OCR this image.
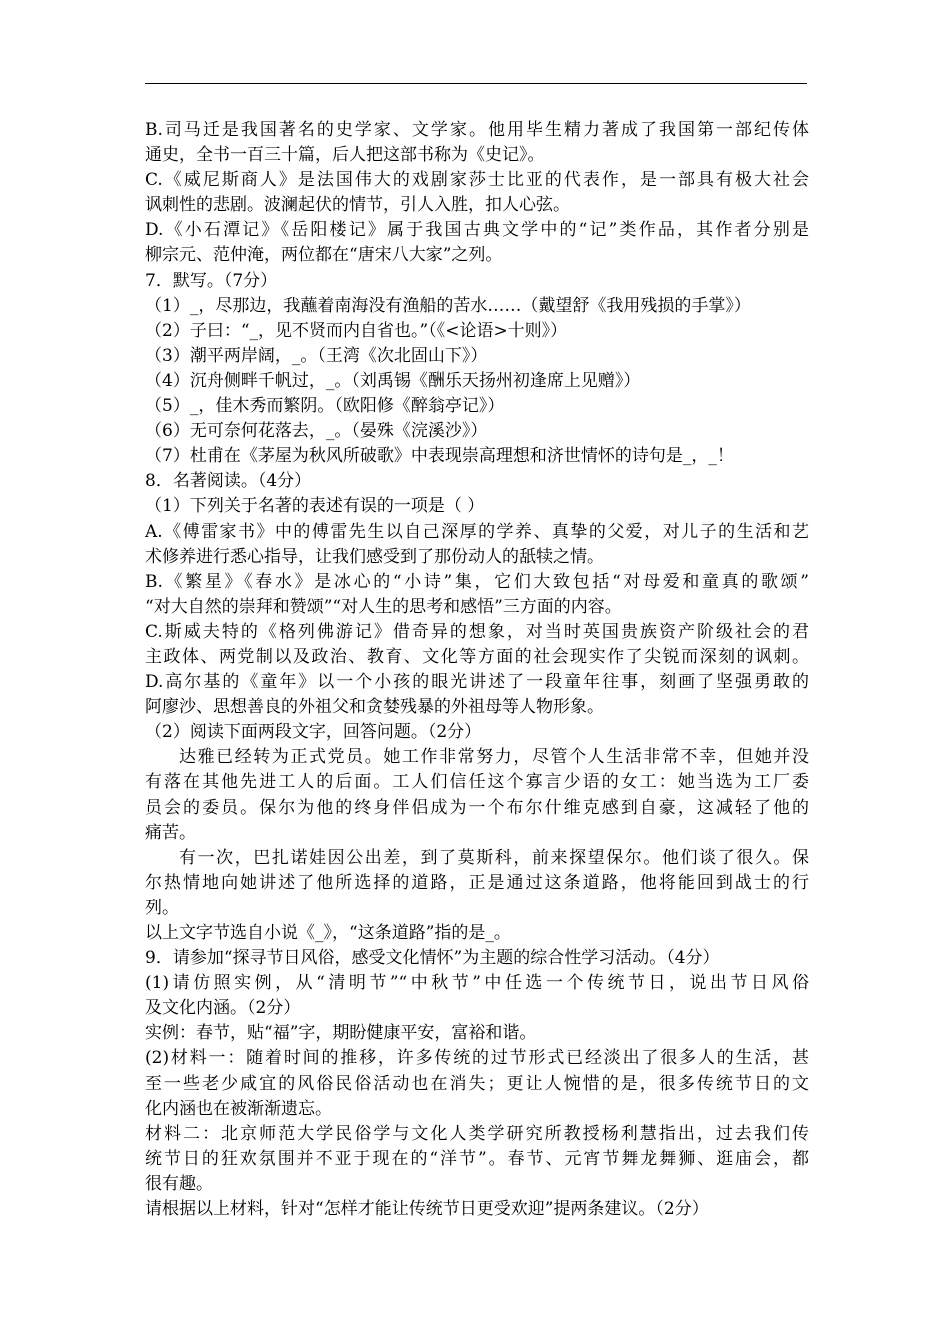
B.司马迁是我国著名的史学家、文学家。他用毕生精力著成了我国第一部纪传体
通史，全书一百三十篇，后人把这部书称为《史记》。
C.《威尼斯商人》是法国伟大的戏剧家莎士比亚的代表作，是一部具有极大社会
讽刺性的悲剧。波澜起伏的情节，引人入胜，扣人心弦。
D.《小石潭记》《岳阳楼记》属于我国古典文学中的“记”类作品，其作者分别是
柳宗元、范仲淹，两位都在“唐宋八大家”之列。
7．默写。（7分）
（1）_，尽那边，我蘸着南海没有渔船的苦水……（戴望舒《我用残损的手掌》）
（2）子曰：“_，见不贤而内自省也。”（《<论语>十则》）
（3）潮平两岸阔，_。（王湾《次北固山下》）
（4）沉舟侧畔千帆过，_。（刘禹锡《酬乐天扬州初逢席上见赠》）
（5）_，佳木秀而繁阴。（欧阳修《醉翁亭记》）
（6）无可奈何花落去，_。（晏殊《浣溪沙》）
（7）杜甫在《茅屋为秋风所破歌》中表现崇高理想和济世情怀的诗句是_，_！
8．名著阅读。（4分）
（1）下列关于名著的表述有误的一项是（ ）
A.《傅雷家书》中的傅雷先生以自己深厚的学养、真挚的父爱，对儿子的生活和艺
术修养进行悉心指导，让我们感受到了那份动人的舐犊之情。
B.《繁星》《春水》是冰心的“小诗”集，它们大致包括“对母爱和童真的歌颂”
“对大自然的崇拜和赞颂”“对人生的思考和感悟”三方面的内容。
C.斯威夫特的《格列佛游记》借奇异的想象，对当时英国贵族资产阶级社会的君
主政体、两党制以及政治、教育、文化等方面的社会现实作了尖锐而深刻的讽刺。
D.高尔基的《童年》以一个小孩的眼光讲述了一段童年往事，刻画了坚强勇敢的
阿廖沙、思想善良的外祖父和贪婪残暴的外祖母等人物形象。
（2）阅读下面两段文字，回答问题。（2分）
达雅已经转为正式党员。她工作非常努力，尽管个人生活非常不幸，但她并没
有落在其他先进工人的后面。工人们信任这个寡言少语的女工：她当选为工厂委
员会的委员。保尔为他的终身伴侣成为一个布尔什维克感到自豪，这减轻了他的
痛苦。
有一次，巴扎诺娃因公出差，到了莫斯科，前来探望保尔。他们谈了很久。保
尔热情地向她讲述了他所选择的道路，正是通过这条道路，他将能回到战士的行
列。
以上文字节选自小说《_》，“这条道路”指的是_。
9．请参加“探寻节日风俗，感受文化情怀”为主题的综合性学习活动。（4分）
(1)请仿照实例，从“清明节”“中秋节”中任选一个传统节日，说出节日风俗
及文化内涵。（2分）
实例：春节，贴“福”字，期盼健康平安，富裕和谐。
(2)材料一：随着时间的推移，许多传统的过节形式已经淡出了很多人的生活，甚
至一些老少咸宜的风俗民俗活动也在消失；更让人惋惜的是，很多传统节日的文
化内涵也在被渐渐遗忘。
材料二：北京师范大学民俗学与文化人类学研究所教授杨利慧指出，过去我们传
统节日的狂欢氛围并不亚于现在的“洋节”。春节、元宵节舞龙舞狮、逛庙会，都
很有趣。
请根据以上材料，针对“怎样才能让传统节日更受欢迎”提两条建议。（2分）
